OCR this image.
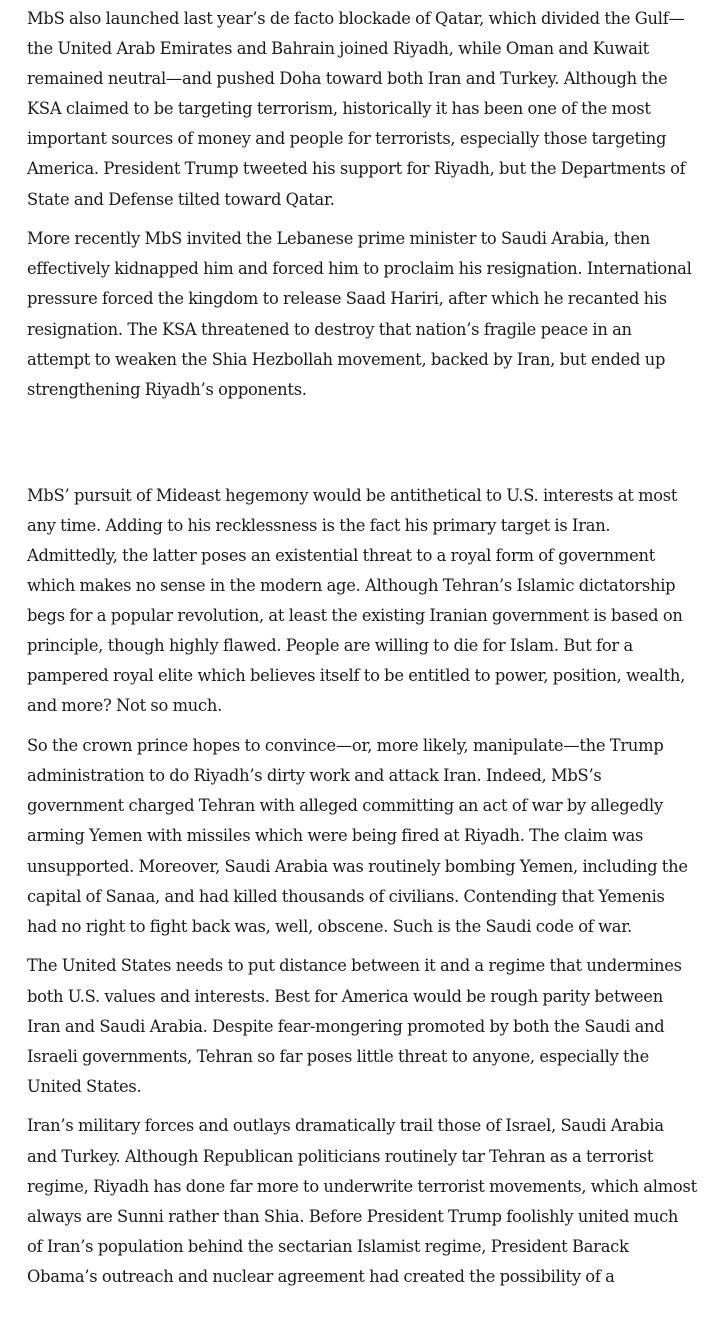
MbS also launched last year’s de facto blockade of Qatar, which divided the Gulf—the United Arab Emirates and Bahrain joined Riyadh, while Oman and Kuwait remained neutral—and pushed Doha toward both Iran and Turkey. Although the KSA claimed to be targeting terrorism, historically it has been one of the most important sources of money and people for terrorists, especially those targeting America. President Trump tweeted his support for Riyadh, but the Departments of State and Defense tilted toward Qatar.

More recently MbS invited the Lebanese prime minister to Saudi Arabia, then effectively kidnapped him and forced him to proclaim his resignation. International pressure forced the kingdom to release Saad Hariri, after which he recanted his resignation. The KSA threatened to destroy that nation’s fragile peace in an attempt to weaken the Shia Hezbollah movement, backed by Iran, but ended up strengthening Riyadh’s opponents.

MbS’ pursuit of Mideast hegemony would be antithetical to U.S. interests at most any time. Adding to his recklessness is the fact his primary target is Iran. Admittedly, the latter poses an existential threat to a royal form of government which makes no sense in the modern age. Although Tehran’s Islamic dictatorship begs for a popular revolution, at least the existing Iranian government is based on principle, though highly flawed. People are willing to die for Islam. But for a pampered royal elite which believes itself to be entitled to power, position, wealth, and more? Not so much.

So the crown prince hopes to convince—or, more likely, manipulate—the Trump administration to do Riyadh’s dirty work and attack Iran. Indeed, MbS’s government charged Tehran with alleged committing an act of war by allegedly arming Yemen with missiles which were being fired at Riyadh. The claim was unsupported. Moreover, Saudi Arabia was routinely bombing Yemen, including the capital of Sanaa, and had killed thousands of civilians. Contending that Yemenis had no right to fight back was, well, obscene. Such is the Saudi code of war.

The United States needs to put distance between it and a regime that undermines both U.S. values and interests. Best for America would be rough parity between Iran and Saudi Arabia. Despite fear-mongering promoted by both the Saudi and Israeli governments, Tehran so far poses little threat to anyone, especially the United States.

Iran’s military forces and outlays dramatically trail those of Israel, Saudi Arabia and Turkey. Although Republican politicians routinely tar Tehran as a terrorist regime, Riyadh has done far more to underwrite terrorist movements, which almost always are Sunni rather than Shia. Before President Trump foolishly united much of Iran’s population behind the sectarian Islamist regime, President Barack Obama’s outreach and nuclear agreement had created the possibility of a
